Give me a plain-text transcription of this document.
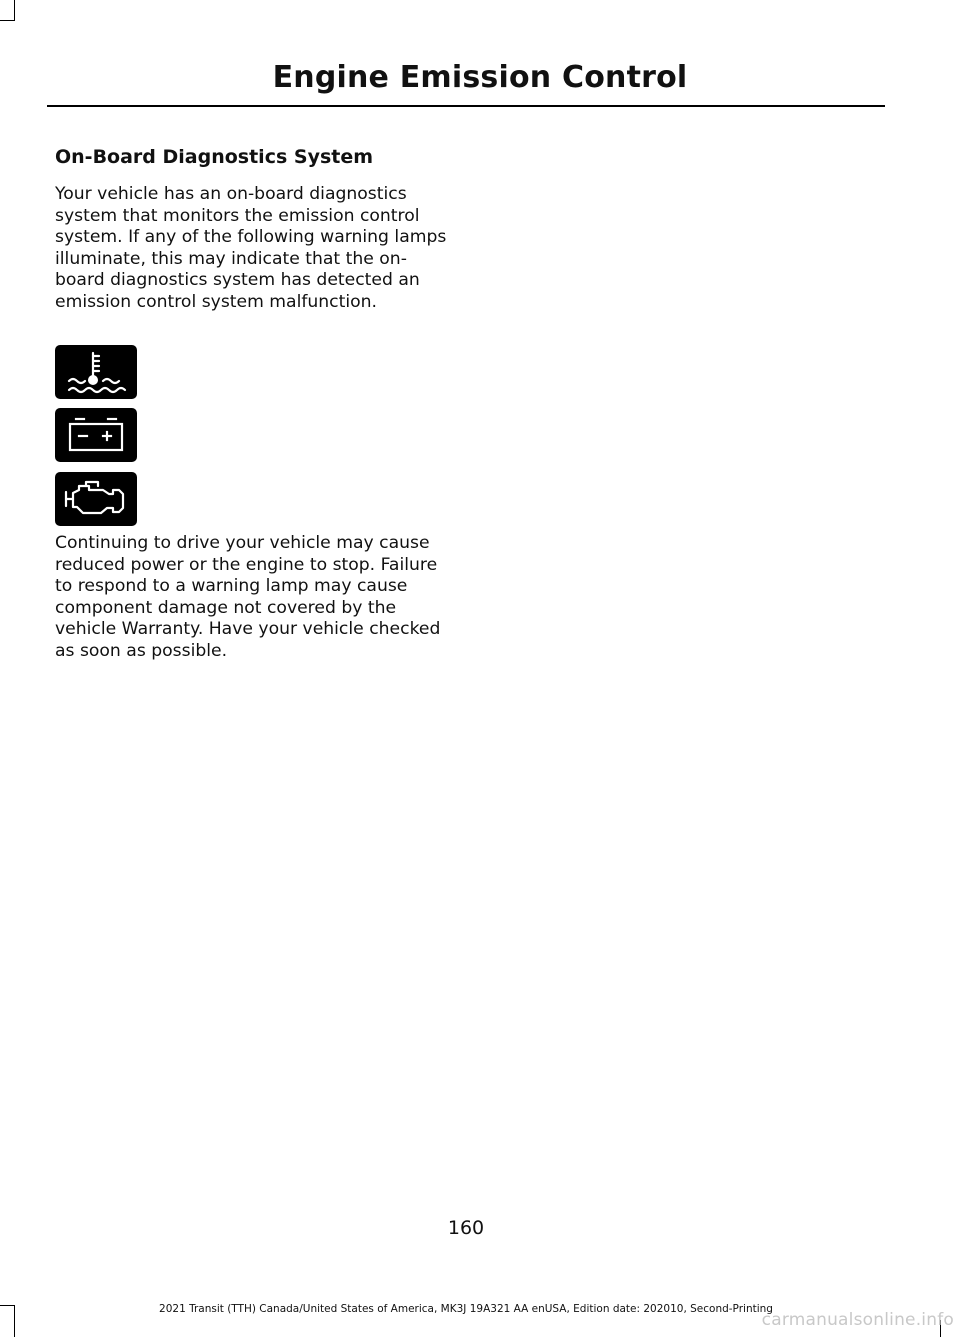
Engine Emission Control
On-Board Diagnostics System

Your vehicle has an on-board diagnostics system that monitors the emission control system. If any of the following warning lamps illuminate, this may indicate that the on-board diagnostics system has detected an emission control system malfunction.

Continuing to drive your vehicle may cause reduced power or the engine to stop. Failure to respond to a warning lamp may cause component damage not covered by the vehicle Warranty. Have your vehicle checked as soon as possible.

160
2021 Transit (TTH) Canada/United States of America, MK3J 19A321 AA enUSA, Edition date: 202010, Second-Printing
carmanualsonline.info
